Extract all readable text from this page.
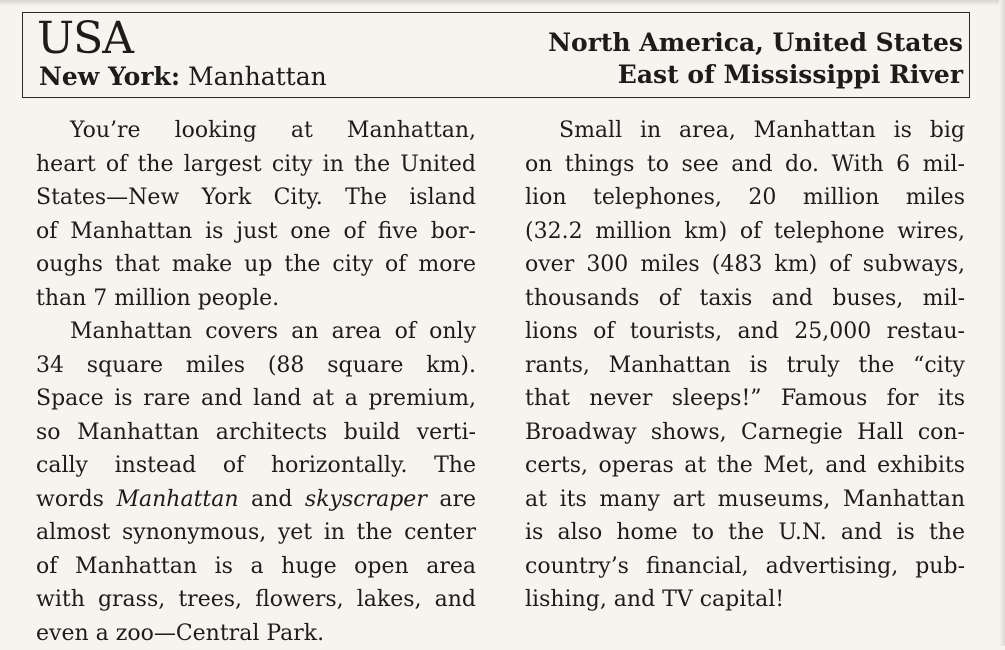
USA
New York: Manhattan
North America, United States
East of Mississippi River
You’re looking at Manhattan,
heart of the largest city in the United
States—New York City. The island
of Manhattan is just one of five bor-
oughs that make up the city of more
than 7 million people.
Manhattan covers an area of only
34 square miles (88 square km).
Space is rare and land at a premium,
so Manhattan architects build verti-
cally instead of horizontally. The
words Manhattan and skyscraper are
almost synonymous, yet in the center
of Manhattan is a huge open area
with grass, trees, flowers, lakes, and
even a zoo—Central Park.
Small in area, Manhattan is big
on things to see and do. With 6 mil-
lion telephones, 20 million miles
(32.2 million km) of telephone wires,
over 300 miles (483 km) of subways,
thousands of taxis and buses, mil-
lions of tourists, and 25,000 restau-
rants, Manhattan is truly the “city
that never sleeps!” Famous for its
Broadway shows, Carnegie Hall con-
certs, operas at the Met, and exhibits
at its many art museums, Manhattan
is also home to the U.N. and is the
country’s financial, advertising, pub-
lishing, and TV capital!
